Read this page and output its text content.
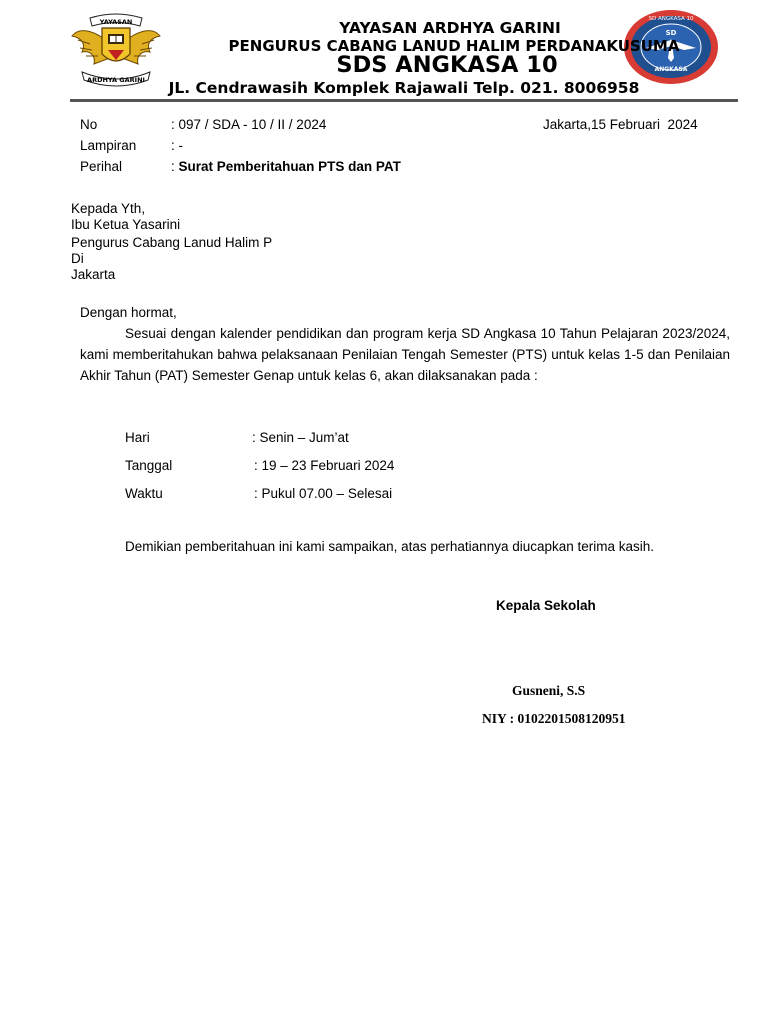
YAYASAN
ARDHYA GARINI
SD ANGKASA 10
SD
ANGKASA
YAYASAN ARDHYA GARINI
PENGURUS CABANG LANUD HALIM PERDANAKUSUMA
SDS ANGKASA 10
JL. Cendrawasih Komplek Rajawali Telp. 021. 8006958
No	: 097 / SDA - 10 / II / 2024	Jakarta,15 Februari  2024
Lampiran	: -
Perihal	: Surat Pemberitahuan PTS dan PAT
Kepada Yth,
Ibu Ketua Yasarini
Pengurus Cabang Lanud Halim P
Di
Jakarta
Dengan hormat,
Sesuai dengan kalender pendidikan dan program kerja SD Angkasa 10 Tahun Pelajaran 2023/2024, kami memberitahukan bahwa pelaksanaan Penilaian Tengah Semester (PTS) untuk kelas 1-5 dan Penilaian Akhir Tahun (PAT) Semester Genap untuk kelas 6, akan dilaksanakan pada :
Hari	: Senin – Jum’at
Tanggal	: 19 – 23 Februari 2024
Waktu	: Pukul 07.00 – Selesai
Demikian pemberitahuan ini kami sampaikan, atas perhatiannya diucapkan terima kasih.
Kepala Sekolah
Gusneni, S.S
NIY : 0102201508120951
